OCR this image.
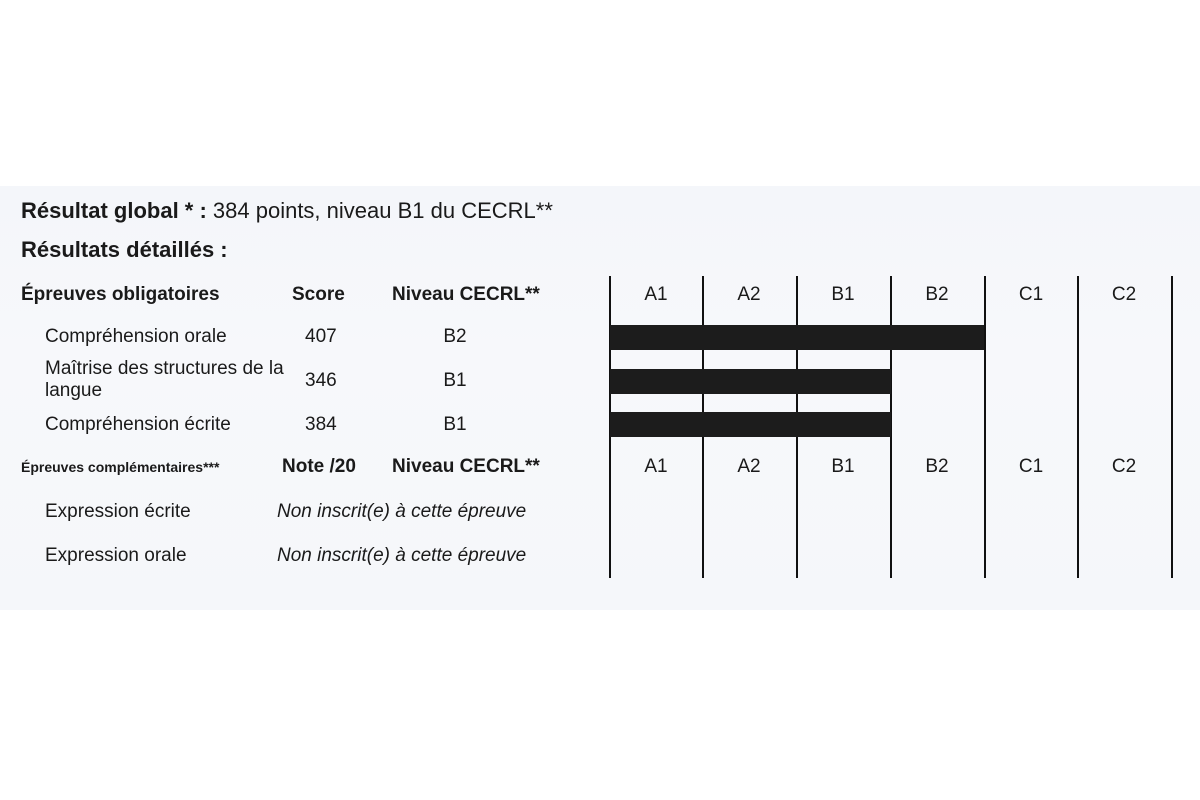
Résultat global * : 384 points, niveau B1 du CECRL**
Résultats détaillés :
Épreuves obligatoires	Score Niveau CECRL**
Compréhension orale	407	B2
Maîtrise des structures de la langue	346	B1
Compréhension écrite	384	B1
Épreuves complémentaires***	Note /20 Niveau CECRL**
Expression écrite	Non inscrit(e) à cette épreuve
Expression orale	Non inscrit(e) à cette épreuve
A1	A2	B1	B2	C1	C2
A1	A2	B1	B2	C1	C2
